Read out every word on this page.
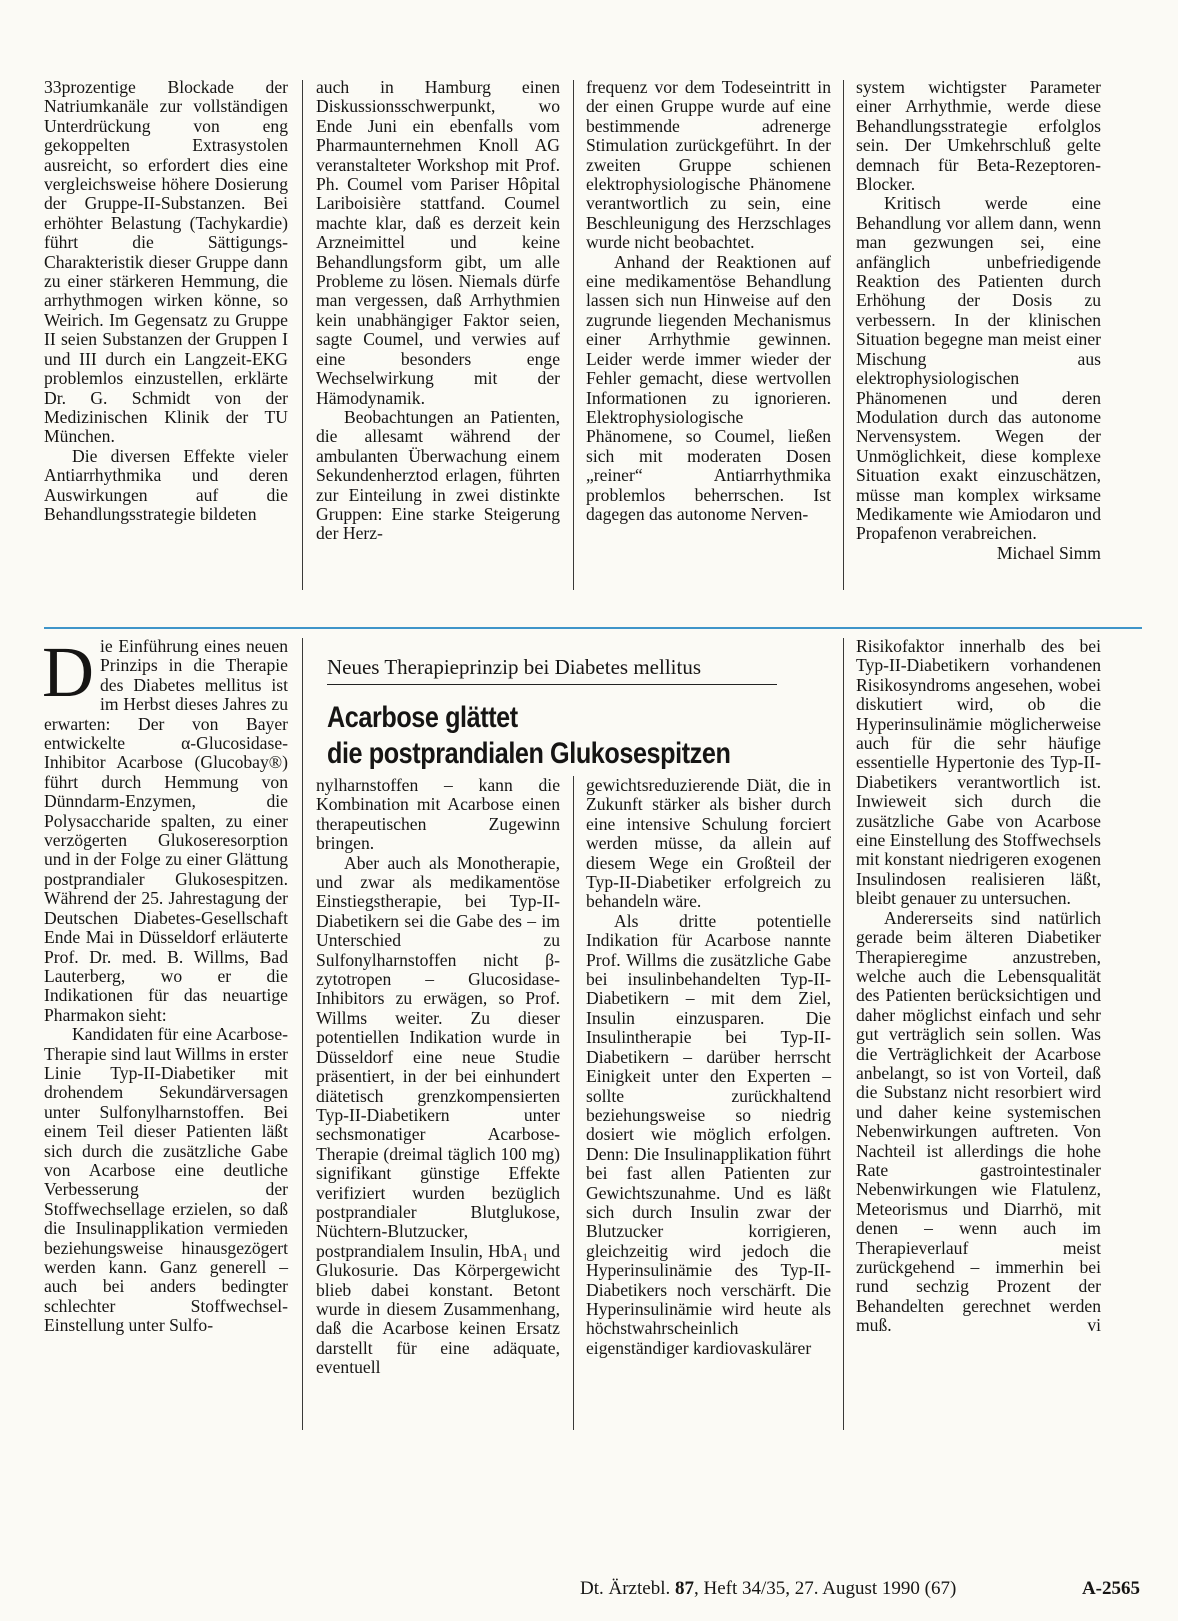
33prozentige Blockade der Natriumkanäle zur vollständigen Unterdrückung von eng gekoppelten Extrasystolen ausreicht, so erfordert dies eine vergleichsweise höhere Dosierung der Gruppe-II-Substanzen. Bei erhöhter Belastung (Tachykardie) führt die Sättigungs-Charakteristik dieser Gruppe dann zu einer stärkeren Hemmung, die arrhythmogen wirken könne, so Weirich. Im Gegensatz zu Gruppe II seien Substanzen der Gruppen I und III durch ein Langzeit-EKG problemlos einzustellen, erklärte Dr. G. Schmidt von der Medizinischen Klinik der TU München.

Die diversen Effekte vieler Antiarrhythmika und deren Auswirkungen auf die Behandlungsstrategie bildeten

auch in Hamburg einen Diskussionsschwerpunkt, wo Ende Juni ein ebenfalls vom Pharmaunternehmen Knoll AG veranstalteter Workshop mit Prof. Ph. Coumel vom Pariser Hôpital Lariboisière stattfand. Coumel machte klar, daß es derzeit kein Arzneimittel und keine Behandlungsform gibt, um alle Probleme zu lösen. Niemals dürfe man vergessen, daß Arrhythmien kein unabhängiger Faktor seien, sagte Coumel, und verwies auf eine besonders enge Wechselwirkung mit der Hämodynamik.

Beobachtungen an Patienten, die allesamt während der ambulanten Überwachung einem Sekundenherztod erlagen, führten zur Einteilung in zwei distinkte Gruppen: Eine starke Steigerung der Herz-

frequenz vor dem Todeseintritt in der einen Gruppe wurde auf eine bestimmende adrenerge Stimulation zurückgeführt. In der zweiten Gruppe schienen elektrophysiologische Phänomene verantwortlich zu sein, eine Beschleunigung des Herzschlages wurde nicht beobachtet.

Anhand der Reaktionen auf eine medikamentöse Behandlung lassen sich nun Hinweise auf den zugrunde liegenden Mechanismus einer Arrhythmie gewinnen. Leider werde immer wieder der Fehler gemacht, diese wertvollen Informationen zu ignorieren. Elektrophysiologische Phänomene, so Coumel, ließen sich mit moderaten Dosen „reiner“ Antiarrhythmika problemlos beherrschen. Ist dagegen das autonome Nerven-

system wichtigster Parameter einer Arrhythmie, werde diese Behandlungsstrategie erfolglos sein. Der Umkehrschluß gelte demnach für Beta-Rezeptoren-Blocker.

Kritisch werde eine Behandlung vor allem dann, wenn man gezwungen sei, eine anfänglich unbefriedigende Reaktion des Patienten durch Erhöhung der Dosis zu verbessern. In der klinischen Situation begegne man meist einer Mischung aus elektrophysiologischen Phänomenen und deren Modulation durch das autonome Nervensystem. Wegen der Unmöglichkeit, diese komplexe Situation exakt einzuschätzen, müsse man komplex wirksame Medikamente wie Amiodaron und Propafenon verabreichen.
Michael Simm

Neues Therapieprinzip bei Diabetes mellitus
Acarbose glättet
die postprandialen Glukosespitzen

D ie Einführung eines neuen Prinzips in die Therapie des Diabetes mellitus ist im Herbst dieses Jahres zu erwarten: Der von Bayer entwickelte α-Glucosidase-Inhibitor Acarbose (Glucobay®) führt durch Hemmung von Dünndarm-Enzymen, die Polysaccharide spalten, zu einer verzögerten Glukoseresorption und in der Folge zu einer Glättung postprandialer Glukosespitzen. Während der 25. Jahrestagung der Deutschen Diabetes-Gesellschaft Ende Mai in Düsseldorf erläuterte Prof. Dr. med. B. Willms, Bad Lauterberg, wo er die Indikationen für das neuartige Pharmakon sieht:

Kandidaten für eine Acarbose-Therapie sind laut Willms in erster Linie Typ-II-Diabetiker mit drohendem Sekundärversagen unter Sulfonylharnstoffen. Bei einem Teil dieser Patienten läßt sich durch die zusätzliche Gabe von Acarbose eine deutliche Verbesserung der Stoffwechsellage erzielen, so daß die Insulinapplikation vermieden beziehungsweise hinausgezögert werden kann. Ganz generell – auch bei anders bedingter schlechter Stoffwechsel-Einstellung unter Sulfo-

nylharnstoffen – kann die Kombination mit Acarbose einen therapeutischen Zugewinn bringen.

Aber auch als Monotherapie, und zwar als medikamentöse Einstiegstherapie, bei Typ-II-Diabetikern sei die Gabe des – im Unterschied zu Sulfonylharnstoffen nicht β-zytotropen – Glucosidase-Inhibitors zu erwägen, so Prof. Willms weiter. Zu dieser potentiellen Indikation wurde in Düsseldorf eine neue Studie präsentiert, in der bei einhundert diätetisch grenzkompensierten Typ-II-Diabetikern unter sechsmonatiger Acarbose-Therapie (dreimal täglich 100 mg) signifikant günstige Effekte verifiziert wurden bezüglich postprandialer Blutglukose, Nüchtern-Blutzucker, postprandialem Insulin, HbA₁ und Glukosurie. Das Körpergewicht blieb dabei konstant. Betont wurde in diesem Zusammenhang, daß die Acarbose keinen Ersatz darstellt für eine adäquate, eventuell

gewichtsreduzierende Diät, die in Zukunft stärker als bisher durch eine intensive Schulung forciert werden müsse, da allein auf diesem Wege ein Großteil der Typ-II-Diabetiker erfolgreich zu behandeln wäre.

Als dritte potentielle Indikation für Acarbose nannte Prof. Willms die zusätzliche Gabe bei insulinbehandelten Typ-II-Diabetikern – mit dem Ziel, Insulin einzusparen. Die Insulintherapie bei Typ-II-Diabetikern – darüber herrscht Einigkeit unter den Experten – sollte zurückhaltend beziehungsweise so niedrig dosiert wie möglich erfolgen. Denn: Die Insulinapplikation führt bei fast allen Patienten zur Gewichtszunahme. Und es läßt sich durch Insulin zwar der Blutzucker korrigieren, gleichzeitig wird jedoch die Hyperinsulinämie des Typ-II-Diabetikers noch verschärft. Die Hyperinsulinämie wird heute als höchstwahrscheinlich eigenständiger kardiovaskulärer

Risikofaktor innerhalb des bei Typ-II-Diabetikern vorhandenen Risikosyndroms angesehen, wobei diskutiert wird, ob die Hyperinsulinämie möglicherweise auch für die sehr häufige essentielle Hypertonie des Typ-II-Diabetikers verantwortlich ist. Inwieweit sich durch die zusätzliche Gabe von Acarbose eine Einstellung des Stoffwechsels mit konstant niedrigeren exogenen Insulindosen realisieren läßt, bleibt genauer zu untersuchen.

Andererseits sind natürlich gerade beim älteren Diabetiker Therapieregime anzustreben, welche auch die Lebensqualität des Patienten berücksichtigen und daher möglichst einfach und sehr gut verträglich sein sollen. Was die Verträglichkeit der Acarbose anbelangt, so ist von Vorteil, daß die Substanz nicht resorbiert wird und daher keine systemischen Nebenwirkungen auftreten. Von Nachteil ist allerdings die hohe Rate gastrointestinaler Nebenwirkungen wie Flatulenz, Meteorismus und Diarrhö, mit denen – wenn auch im Therapieverlauf meist zurückgehend – immerhin bei rund sechzig Prozent der Behandelten gerechnet werden muß.	vi

Dt. Ärztebl. 87, Heft 34/35, 27. August 1990 (67)	A-2565
